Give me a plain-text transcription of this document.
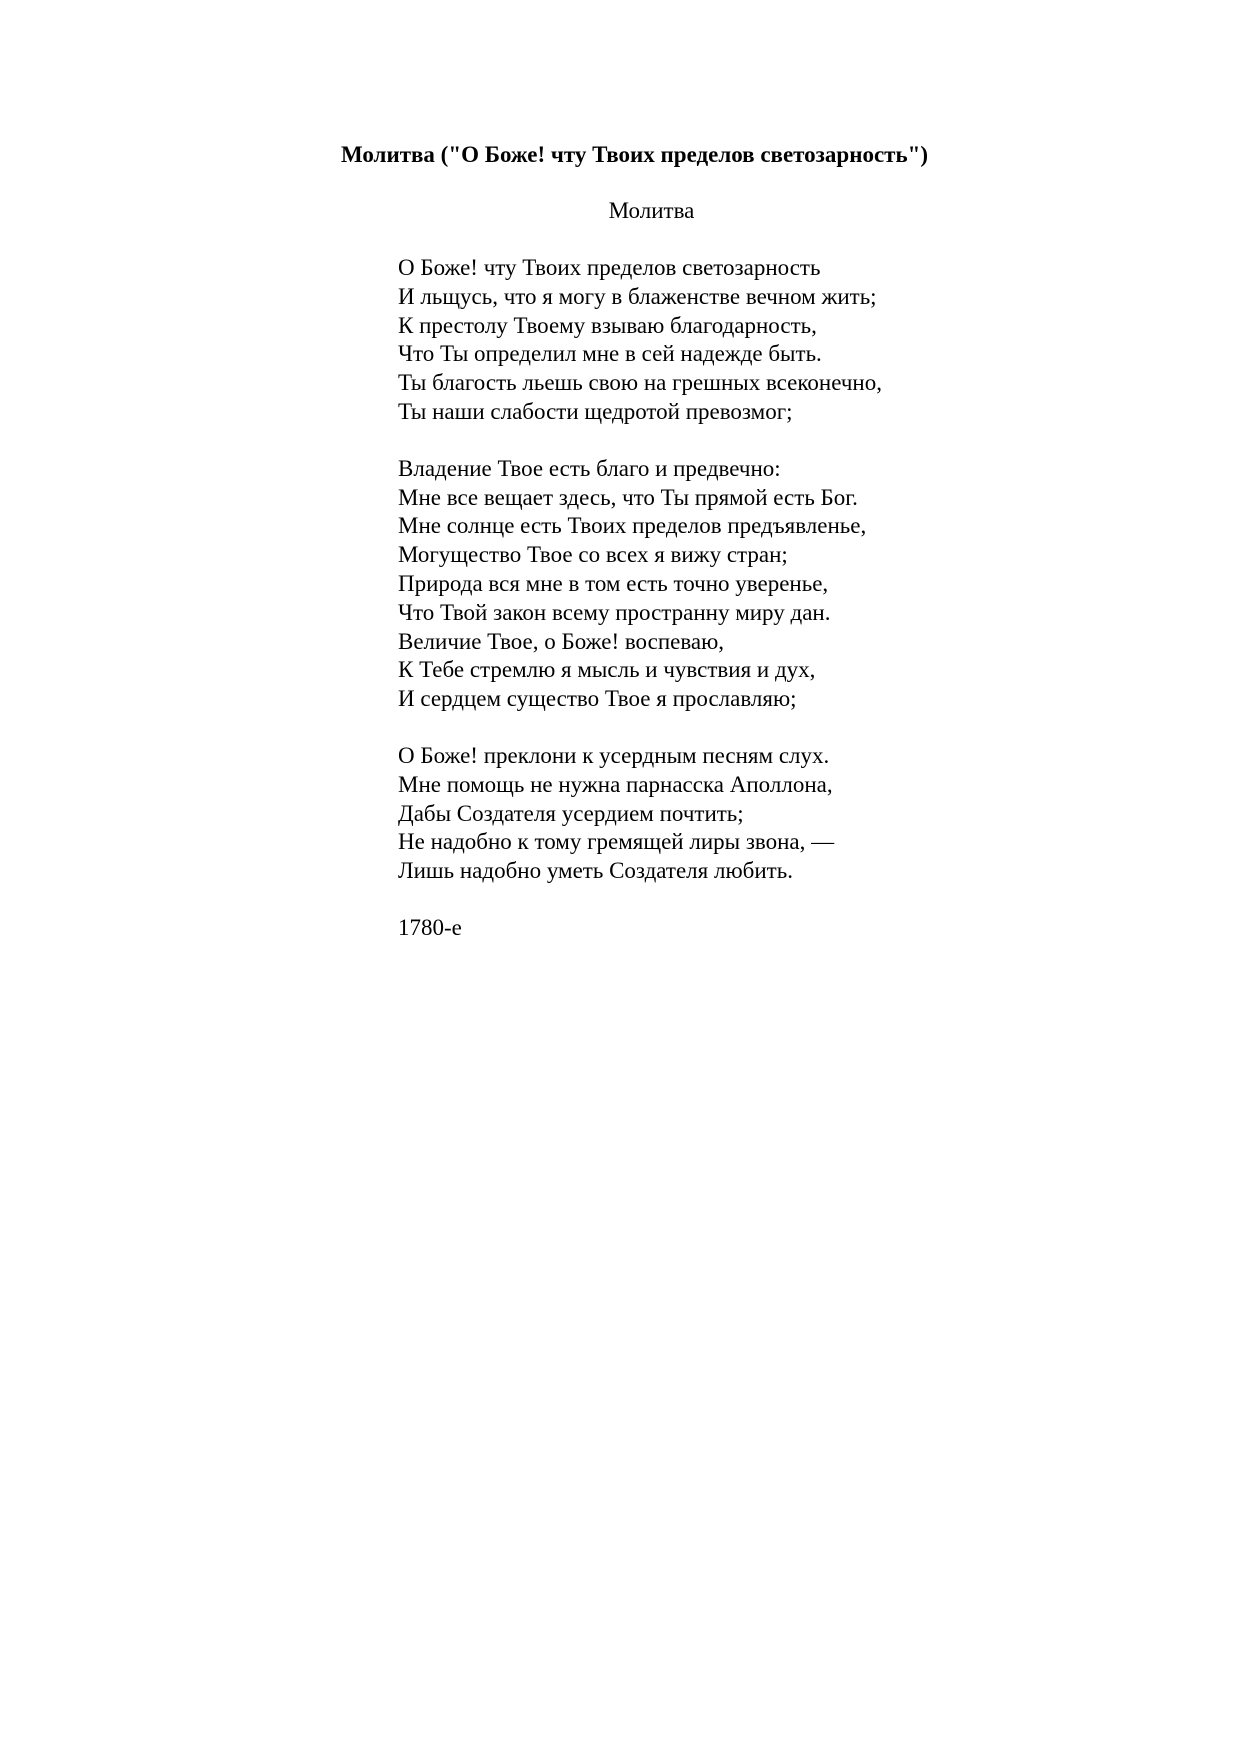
Молитва ("О Боже! чту Твоих пределов светозарность")
Молитва
О Боже! чту Твоих пределов светозарность
И льщусь, что я могу в блаженстве вечном жить;
К престолу Твоему взываю благодарность,
Что Ты определил мне в сей надежде быть.
Ты благость льешь свою на грешных всеконечно,
Ты наши слабости щедротой превозмог;
Владение Твое есть благо и предвечно:
Мне все вещает здесь, что Ты прямой есть Бог.
Мне солнце есть Твоих пределов предъявленье,
Могущество Твое со всех я вижу стран;
Природа вся мне в том есть точно уверенье,
Что Твой закон всему пространну миру дан.
Величие Твое, о Боже! воспеваю,
К Тебе стремлю я мысль и чувствия и дух,
И сердцем существо Твое я прославляю;
О Боже! преклони к усердным песням слух.
Мне помощь не нужна парнасска Аполлона,
Дабы Создателя усердием почтить;
Не надобно к тому гремящей лиры звона, —
Лишь надобно уметь Создателя любить.
1780-е
